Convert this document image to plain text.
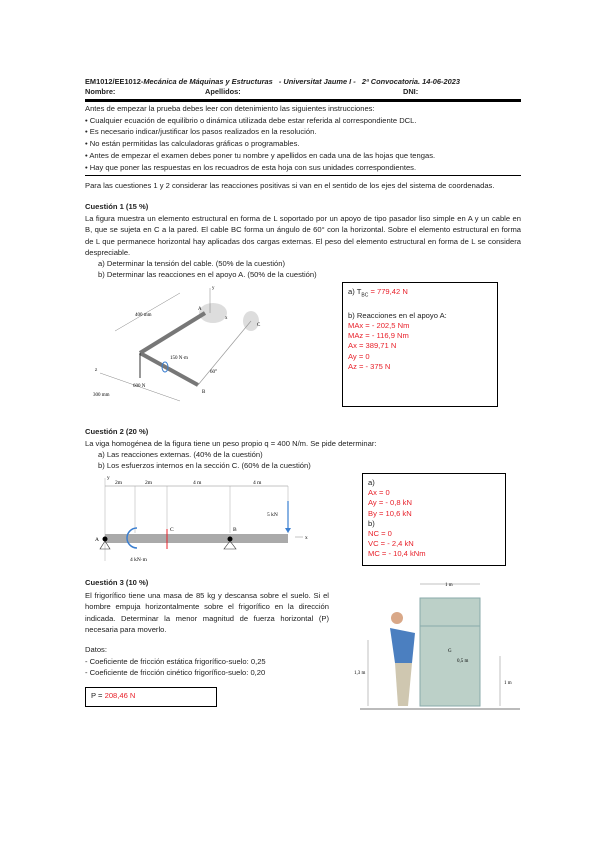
EM1012/EE1012-Mecánica de Máquinas y Estructuras - Universitat Jaume I - 2ª Convocatoria. 14-06-2023
Nombre:	Apellidos:	DNI:
Antes de empezar la prueba debes leer con detenimiento las siguientes instrucciones:
• Cualquier ecuación de equilibrio o dinámica utilizada debe estar referida al correspondiente DCL.
• Es necesario indicar/justificar los pasos realizados en la resolución.
• No están permitidas las calculadoras gráficas o programables.
• Antes de empezar el examen debes poner tu nombre y apellidos en cada una de las hojas que tengas.
• Hay que poner las respuestas en los recuadros de esta hoja con sus unidades correspondientes.
Para las cuestiones 1 y 2 considerar las reacciones positivas si van en el sentido de los ejes del sistema de coordenadas.
Cuestión 1 (15 %)
La figura muestra un elemento estructural en forma de L soportado por un apoyo de tipo pasador liso simple en A y un cable en B, que se sujeta en C a la pared. El cable BC forma un ángulo de 60° con la horizontal. Sobre el elemento estructural en forma de L que permanece horizontal hay aplicadas dos cargas externas. El peso del elemento estructural en forma de L se considera despreciable.
a) Determinar la tensión del cable. (50% de la cuestión)
b) Determinar las reacciones en el apoyo A. (50% de la cuestión)
400 mm
300 mm
150 N·m
600 N
60°
A
B
C
z
x
y	a) $T_{BC} = 779,42$ N
b) Reacciones en el apoyo A:
MAx = - 202,5 Nm
MAz = - 116,9 Nm
Ax = 389,71 N
Ay = 0
Az = - 375 N
Cuestión 2 (20 %)
La viga homogénea de la figura tiene un peso propio q = 400 N/m. Se pide determinar:
a) Las reacciones externas. (40% de la cuestión)
b) Los esfuerzos internos en la sección C. (60% de la cuestión)
2m	2m	4 m	4 m
A
B
C
5 kN
4 kN·m
x
y	a)
Ax = 0
Ay = - 0,8 kN
By = 10,6 kN
b)
NC = 0
VC = - 2,4 kN
MC = - 10,4 kNm
Cuestión 3 (10 %)
El frigorífico tiene una masa de 85 kg y descansa sobre el suelo. Si el hombre empuja horizontalmente sobre el frigorífico en la dirección indicada. Determinar la menor magnitud de fuerza horizontal (P) necesaria para moverlo.
Datos:
- Coeficiente de fricción estática frigorífico-suelo: 0,25
- Coeficiente de fricción cinético frigorífico-suelo: 0,20
P = 208,46 N
1 m
1,3 m
1 m
G
0,5 m
